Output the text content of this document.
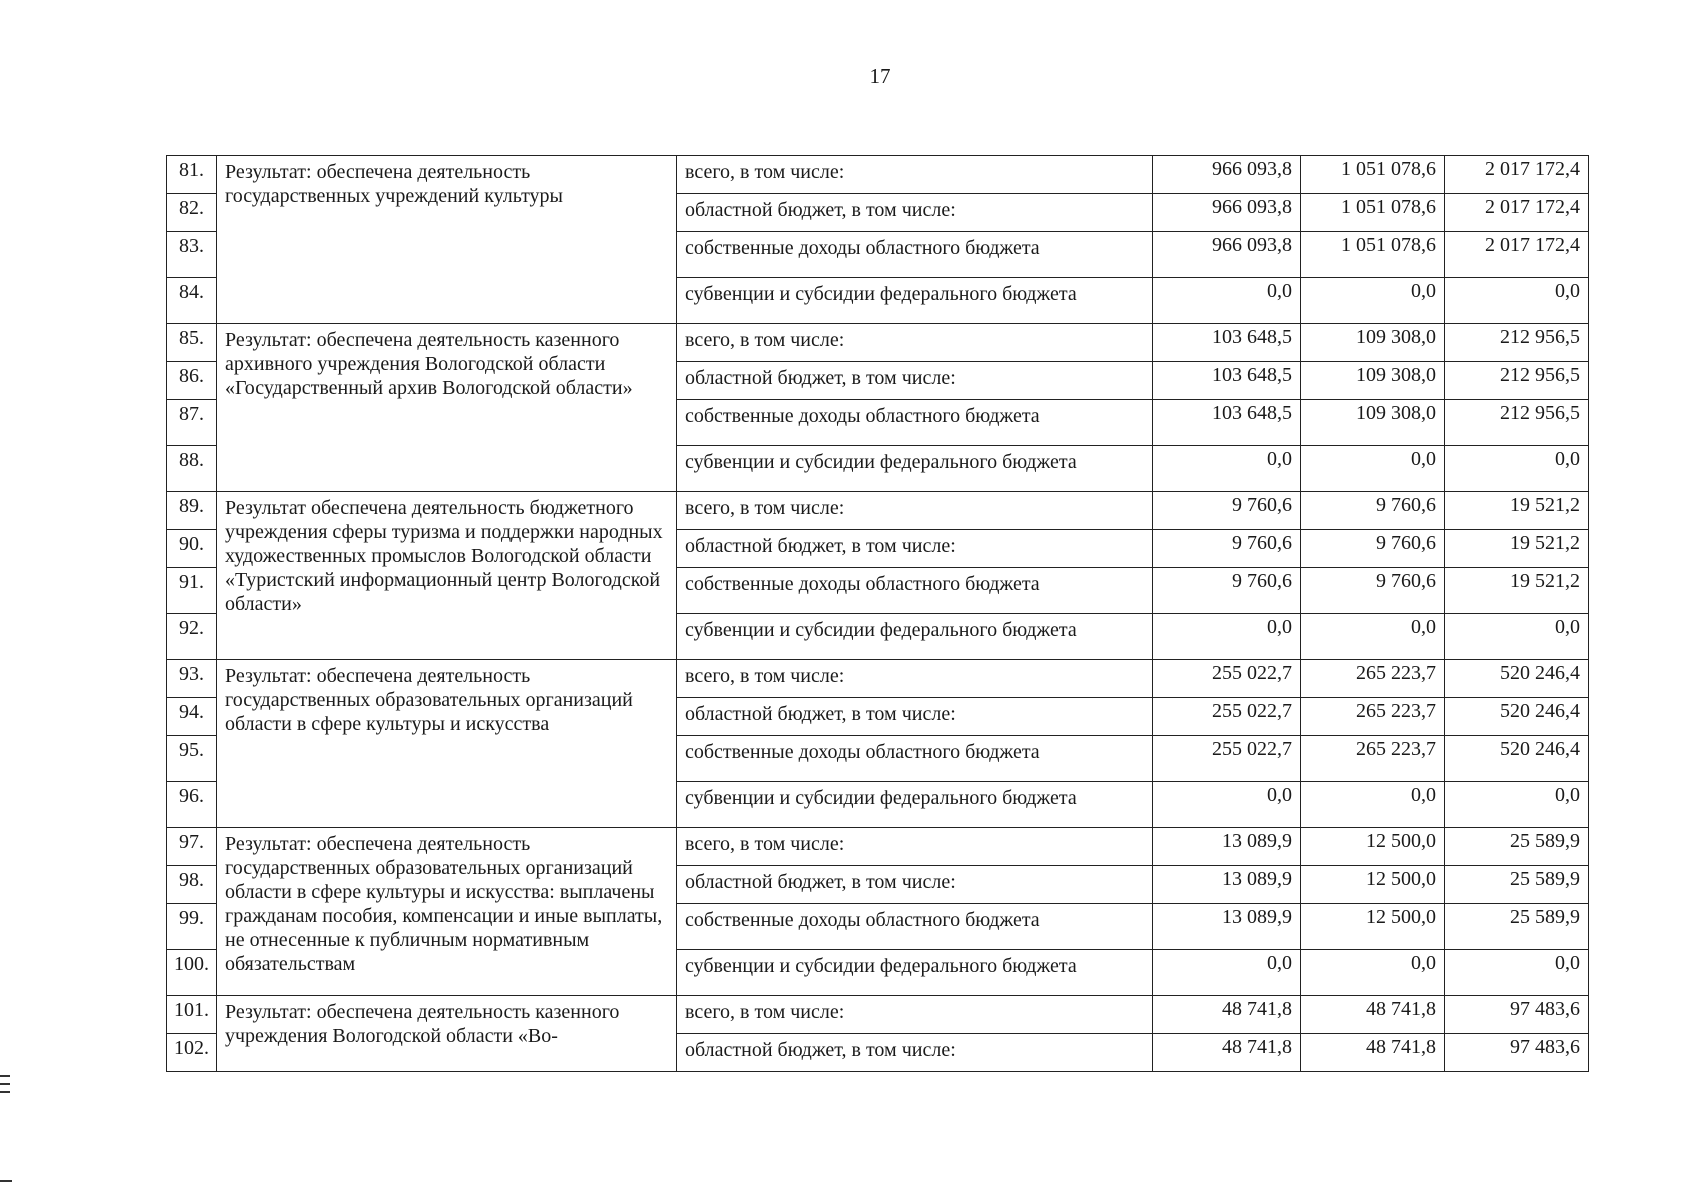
17
81.	Результат: обеспечена деятельность государственных учреждений культуры	всего, в том числе:	966 093,8	1 051 078,6	2 017 172,4
82.		областной бюджет, в том числе:	966 093,8	1 051 078,6	2 017 172,4
83.		собственные доходы областного бюджета	966 093,8	1 051 078,6	2 017 172,4
84.		субвенции и субсидии федерального бюджета	0,0	0,0	0,0
85.	Результат: обеспечена деятельность казенного архивного учреждения Вологодской области «Государственный архив Вологодской области»	всего, в том числе:	103 648,5	109 308,0	212 956,5
86.		областной бюджет, в том числе:	103 648,5	109 308,0	212 956,5
87.		собственные доходы областного бюджета	103 648,5	109 308,0	212 956,5
88.		субвенции и субсидии федерального бюджета	0,0	0,0	0,0
89.	Результат обеспечена деятельность бюджетного учреждения сферы туризма и поддержки народных художественных промыслов Вологодской области «Туристский информационный центр Вологодской области»	всего, в том числе:	9 760,6	9 760,6	19 521,2
90.		областной бюджет, в том числе:	9 760,6	9 760,6	19 521,2
91.		собственные доходы областного бюджета	9 760,6	9 760,6	19 521,2
92.		субвенции и субсидии федерального бюджета	0,0	0,0	0,0
93.	Результат: обеспечена деятельность государственных образовательных организаций области в сфере культуры и искусства	всего, в том числе:	255 022,7	265 223,7	520 246,4
94.		областной бюджет, в том числе:	255 022,7	265 223,7	520 246,4
95.		собственные доходы областного бюджета	255 022,7	265 223,7	520 246,4
96.		субвенции и субсидии федерального бюджета	0,0	0,0	0,0
97.	Результат: обеспечена деятельность государственных образовательных организаций области в сфере культуры и искусства: выплачены гражданам пособия, компенсации и иные выплаты, не отнесенные к публичным нормативным обязательствам	всего, в том числе:	13 089,9	12 500,0	25 589,9
98.		областной бюджет, в том числе:	13 089,9	12 500,0	25 589,9
99.		собственные доходы областного бюджета	13 089,9	12 500,0	25 589,9
100.		субвенции и субсидии федерального бюджета	0,0	0,0	0,0
101.	Результат: обеспечена деятельность казенного учреждения Вологодской области «Во-	всего, в том числе:	48 741,8	48 741,8	97 483,6
102.		областной бюджет, в том числе:	48 741,8	48 741,8	97 483,6
